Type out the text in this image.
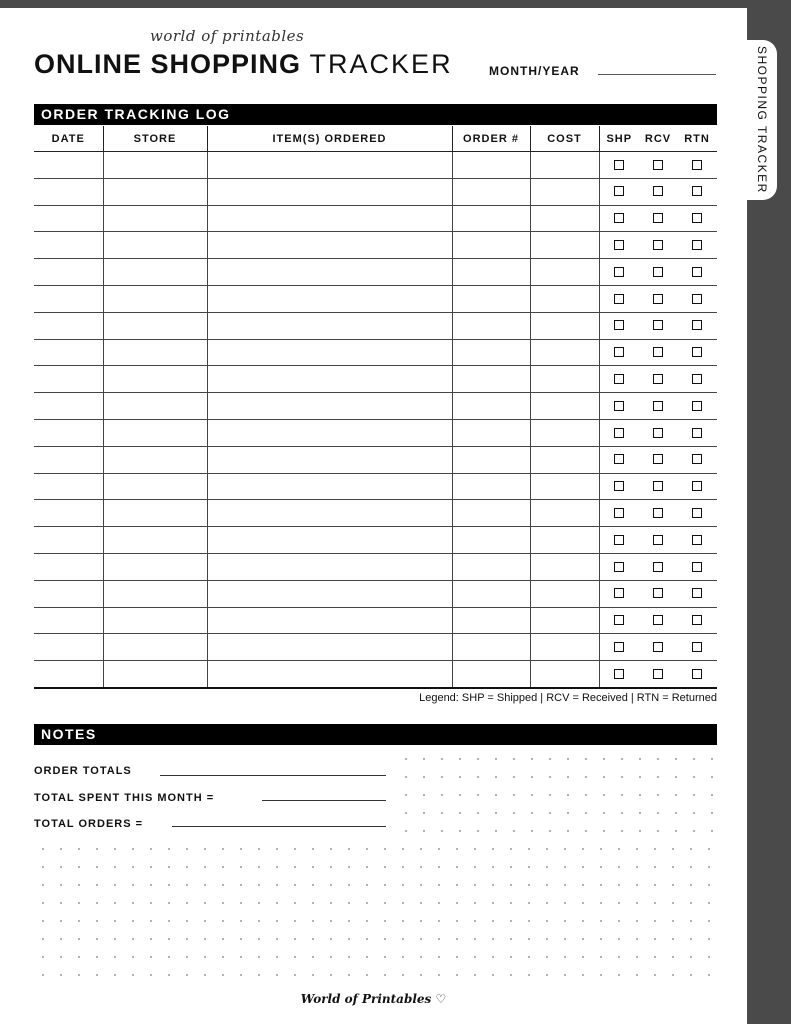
SHOPPING TRACKER
world of printables
ONLINE SHOPPING TRACKER	MONTH/YEAR
ORDER TRACKING LOG
DATE	STORE	ITEM(S) ORDERED	ORDER #	COST	SHP	RCV	RTN

Legend: SHP = Shipped | RCV = Received | RTN = Returned
NOTES
ORDER TOTALS
TOTAL SPENT THIS MONTH =
TOTAL ORDERS =
World of Printables ♡
